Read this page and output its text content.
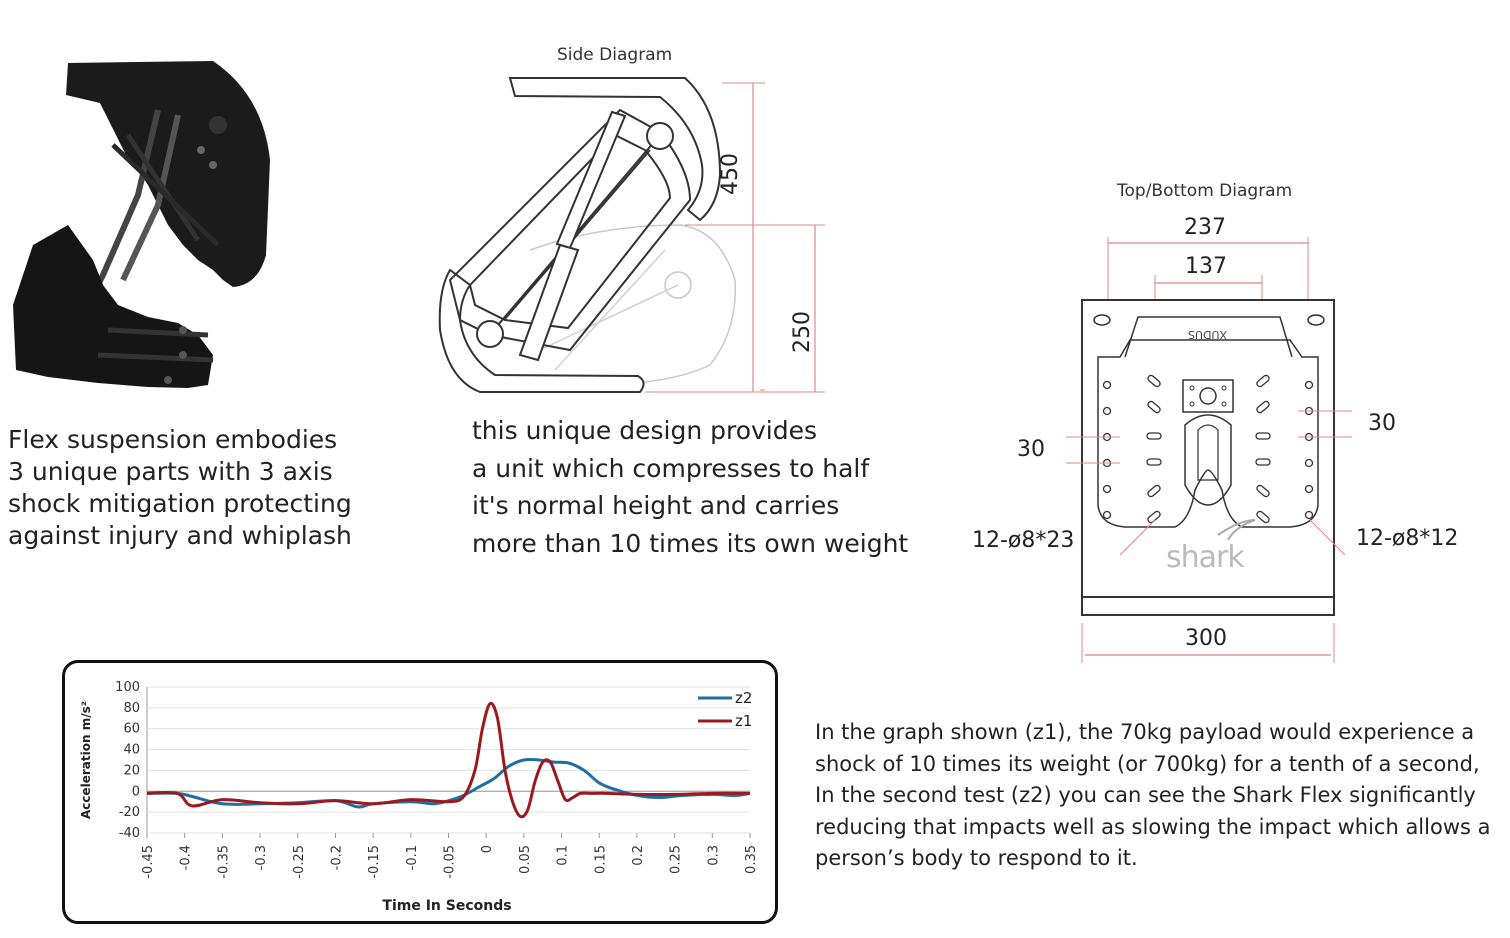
Flex suspension embodies
3 unique parts with 3 axis
shock mitigation protecting
against injury and whiplash
Side Diagram
450
250
this unique design provides
a unit which compresses to half
it's normal height and carries
more than 10 times its own weight
Top/Bottom Diagram
237
137
XUDUS
shark
30
30
12-ø8*23	12-ø8*12
300
100
80
60
40
20
0
-20
-40
-0.45 -0.4 -0.35 -0.3 -0.25 -0.2 -0.15 -0.1 -0.05 0 0.05 0.1 0.15 0.2 0.25 0.3 0.35
z2
z1
Acceleration m/s²
Time In Seconds
In the graph shown (z1), the 70kg payload would experience a
shock of 10 times its weight (or 700kg) for a tenth of a second,
In the second test (z2) you can see the Shark Flex significantly
reducing that impacts well as slowing the impact which allows a
person’s body to respond to it.
